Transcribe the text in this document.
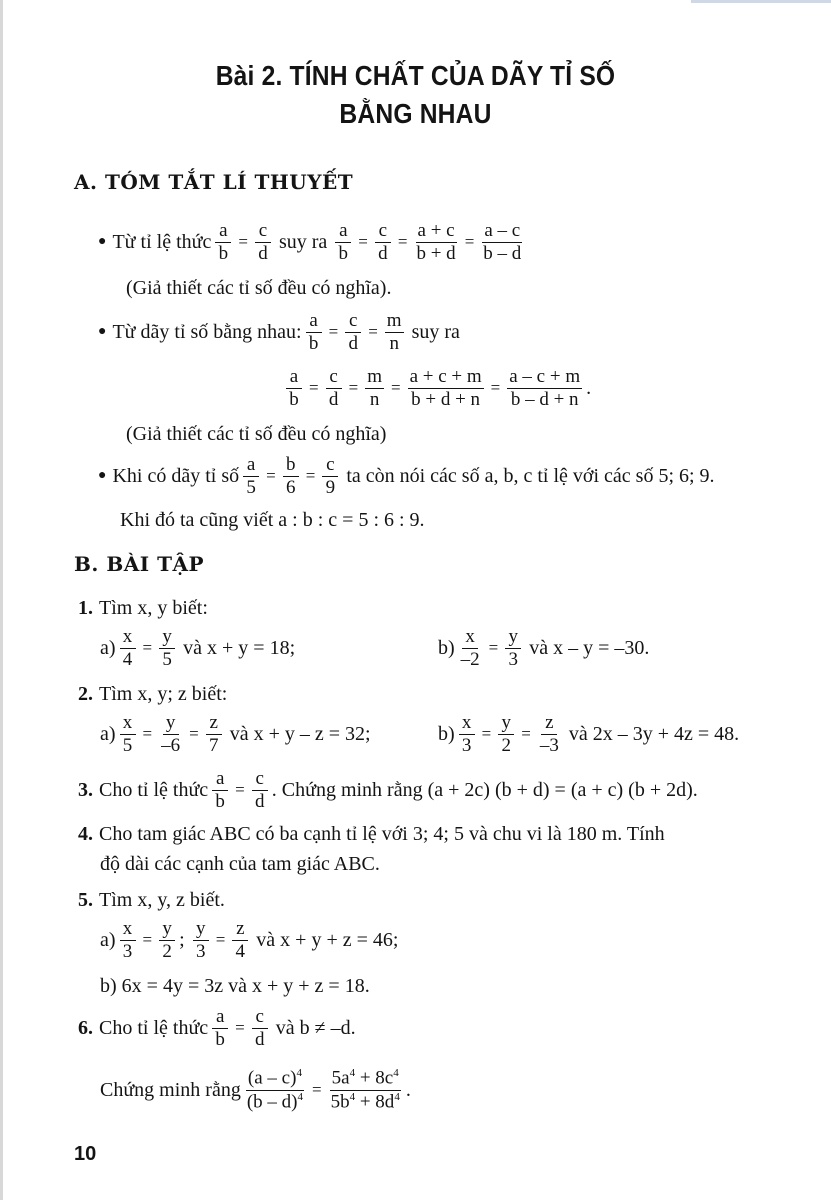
Bài 2. TÍNH CHẤT CỦA DÃY TỈ SỐ
BẰNG NHAU
A. TÓM TẮT LÍ THUYẾT
● Từ tỉ lệ thức $\frac{a}{b} = \frac{c}{d}$ suy ra $\frac{a}{b} = \frac{c}{d} = \frac{a + c}{b + d} = \frac{a - c}{b - d}$
(Giả thiết các tỉ số đều có nghĩa).
● Từ dãy tỉ số bằng nhau: $\frac{a}{b} = \frac{c}{d} = \frac{m}{n}$ suy ra
$\frac{a}{b} = \frac{c}{d} = \frac{m}{n} = \frac{a + c + m}{b + d + n} = \frac{a - c + m}{b - d + n}$ .
(Giả thiết các tỉ số đều có nghĩa)
● Khi có dãy tỉ số $\frac{a}{5} = \frac{b}{6} = \frac{c}{9}$ ta còn nói các số a, b, c tỉ lệ với các số 5; 6; 9.
Khi đó ta cũng viết a : b : c = 5 : 6 : 9.
B. BÀI TẬP
1. Tìm x, y biết:
$a) \frac{x}{4} = \frac{y}{5}$ và x + y = 18;	$b) \frac{x}{-2} = \frac{y}{3}$ và x – y = –30.
2. Tìm x, y; z biết:
$a) \frac{x}{5} = \frac{y}{-6} = \frac{z}{7}$ và x + y – z = 32;	$b) \frac{x}{3} = \frac{y}{2} = \frac{z}{-3}$ và 2x – 3y + 4z = 48.
3. Cho tỉ lệ thức $\frac{a}{b} = \frac{c}{d}$ . Chứng minh rằng (a + 2c) (b + d) = (a + c) (b + 2d).
4. Cho tam giác ABC có ba cạnh tỉ lệ với 3; 4; 5 và chu vi là 180 m. Tính
độ dài các cạnh của tam giác ABC.
5. Tìm x, y, z biết.
$a) \frac{x}{3} = \frac{y}{2}$ ; $\frac{y}{3} = \frac{z}{4}$ và x + y + z = 46;
b) 6x = 4y = 3z và x + y + z = 18.
6. Cho tỉ lệ thức $\frac{a}{b} = \frac{c}{d}$ và b ≠ –d.
Chứng minh rằng $\frac{(a - c)^4}{(b - d)^4} = \frac{5a^4 + 8c^4}{5b^4 + 8d^4}$ .
10
